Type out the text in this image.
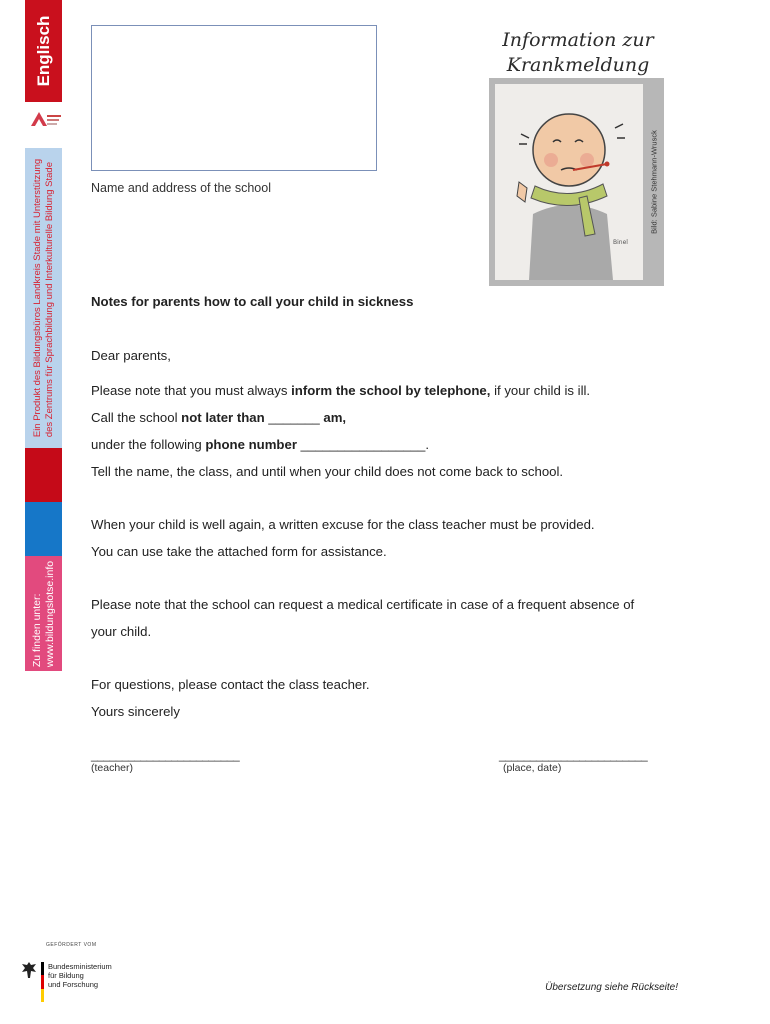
Englisch
Ein Produkt des Bildungsbüros Landkreis Stade mit Unterstützung des Zentrums für Sprachbildung und Interkulturelle Bildung Stade
Zu finden unter: www.bildungslotse.info
Name and address of the school
Information zur
Krankmeldung
Binel
Bild: Sabine Stehmann-Wrusck
Notes for parents how to call your child in sickness
Dear parents,
Please note that you must always inform the school by telephone, if your child is ill.
Call the school not later than _______ am,
under the following phone number _________________.
Tell the name, the class, and until when your child does not come back to school.
When your child is well again, a written excuse for the class teacher must be provided.
You can use take the attached form for assistance.
Please note that the school can request a medical certificate in case of a frequent absence of
your child.
For questions, please contact the class teacher.
Yours sincerely
________________________
(teacher)
________________________
(place, date)
GEFÖRDERT VOM
Bundesministerium
für Bildung
und Forschung	Übersetzung siehe Rückseite!
